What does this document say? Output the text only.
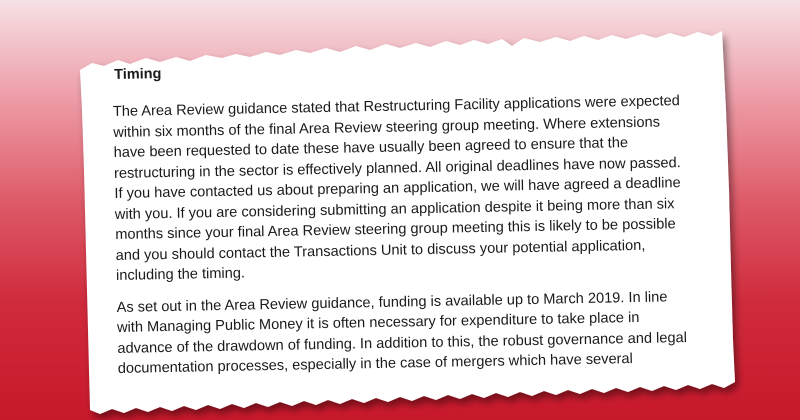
Timing

The Area Review guidance stated that Restructuring Facility applications were expected
within six months of the final Area Review steering group meeting. Where extensions
have been requested to date these have usually been agreed to ensure that the
restructuring in the sector is effectively planned. All original deadlines have now passed.
If you have contacted us about preparing an application, we will have agreed a deadline
with you. If you are considering submitting an application despite it being more than six
months since your final Area Review steering group meeting this is likely to be possible
and you should contact the Transactions Unit to discuss your potential application,
including the timing.

As set out in the Area Review guidance, funding is available up to March 2019. In line
with Managing Public Money it is often necessary for expenditure to take place in
advance of the drawdown of funding. In addition to this, the robust governance and legal
documentation processes, especially in the case of mergers which have several
